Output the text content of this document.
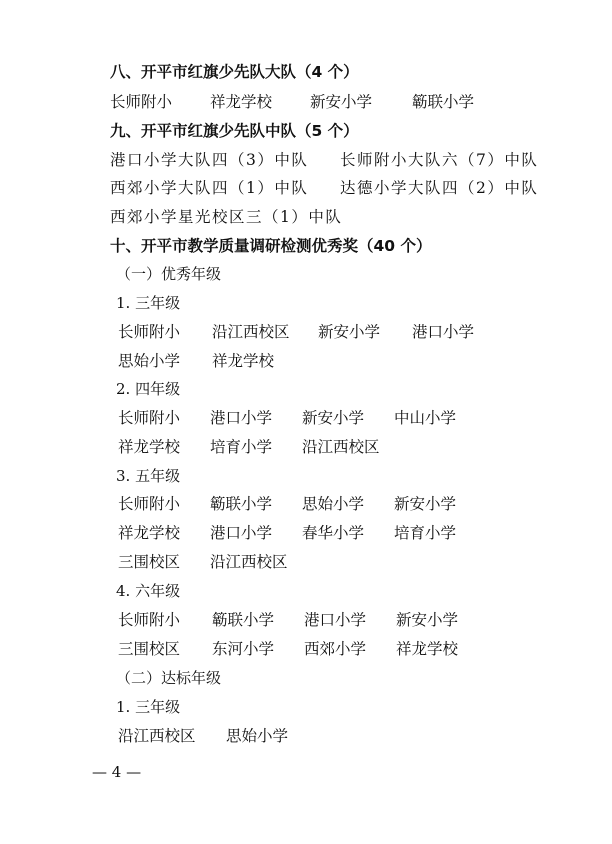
八、开平市红旗少先队大队（4 个）
长师附小 祥龙学校 新安小学	簕联小学
九、开平市红旗少先队中队（5 个）
港口小学大队四（3）中队 长师附小大队六（7）中队
西郊小学大队四（1）中队 达德小学大队四（2）中队
西郊小学星光校区三（1）中队
十、开平市教学质量调研检测优秀奖（40 个）
（一）优秀年级
1. 三年级
长师附小 沿江西校区 新安小学 港口小学
思始小学 祥龙学校
2. 四年级
长师附小 港口小学 新安小学 中山小学
祥龙学校 培育小学 沿江西校区
3. 五年级
长师附小 簕联小学 思始小学 新安小学
祥龙学校 港口小学 春华小学 培育小学
三围校区 沿江西校区
4. 六年级
长师附小 簕联小学 港口小学 新安小学
三围校区 东河小学 西郊小学 祥龙学校
（二）达标年级
1. 三年级
沿江西校区 思始小学
— 4 —
